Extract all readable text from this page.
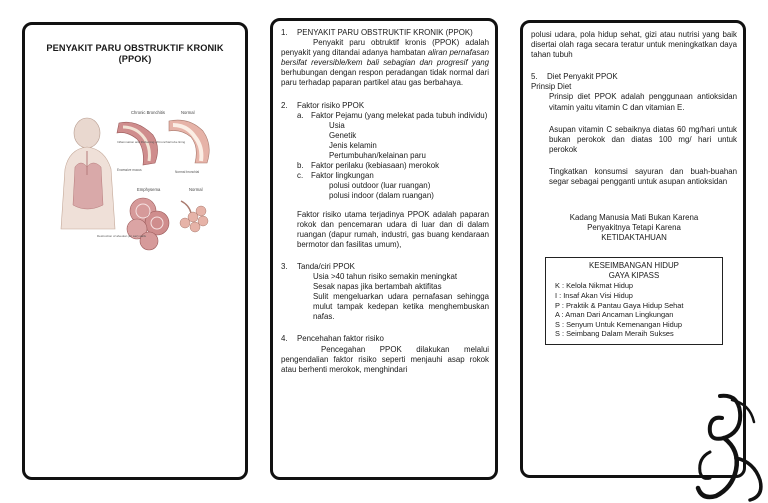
PENYAKIT PARU OBSTRUKTIF KRONIK (PPOK)
Chronic Bronchitis
Inflammation and thickening of bronchial tube lining
Excessive mucus
Normal
Normal bronchial
Emphysema
Destruction of alveolar (air sac) walls
Normal
1. PENYAKIT PARU OBSTRUKTIF KRONIK (PPOK)

Penyakit paru obtruktif kronis (PPOK) adalah penyakit yang ditandai adanya hambatan aliran pernafasan bersifat reversible/kem bali sebagian dan progresif yang berhubungan dengan respon peradangan tidak normal dari paru terhadap paparan partikel atau gas berbahaya.

2. Faktor risiko PPOK
a. Faktor Pejamu (yang melekat pada tubuh individu)
Usia
Genetik
Jenis kelamin
Pertumbuhan/kelainan paru
b. Faktor perilaku (kebiasaan) merokok
c. Faktor lingkungan
polusi outdoor (luar ruangan)
polusi indoor (dalam ruangan)

Faktor risiko utama terjadinya PPOK adalah paparan rokok dan pencemaran udara di luar dan di dalam ruangan (dapur rumah, industri, gas buang kendaraan bermotor dan fasilitas umum),

3. Tanda/ciri PPOK
Usia >40 tahun risiko semakin meningkat
Sesak napas jika bertambah aktifitas
Sulit mengeluarkan udara pernafasan sehingga mulut tampak kedepan ketika menghembuskan nafas.
4. Pencehahan faktor risiko

Pencegahan PPOK dilakukan melalui pengendalian faktor risiko seperti menjauhi asap rokok atau berhenti merokok, menghindari

polusi udara, pola hidup sehat, gizi atau nutrisi yang baik disertai olah raga secara teratur untuk meningkatkan daya tahan tubuh

5. Diet Penyakit PPOK
Prinsip Diet

Prinsip diet PPOK adalah penggunaan antioksidan vitamin yaitu vitamin C dan vitamian E.

Asupan vitamin C sebaiknya diatas 60 mg/hari untuk bukan perokok dan diatas 100 mg/ hari untuk perokok

Tingkatkan konsumsi sayuran dan buah-buahan segar sebagai pengganti untuk asupan antioksidan

Kadang Manusia Mati Bukan Karena
Penyakitnya Tetapi Karena
KETIDAKTAHUAN
KESEIMBANGAN HIDUP
GAYA KIPASS
K : Kelola Nikmat Hidup
I : Insaf Akan Visi Hidup
P : Praktik & Pantau Gaya Hidup Sehat
A : Aman Dari Ancaman Lingkungan
S : Senyum Untuk Kemenangan Hidup
S : Seimbang Dalam Meraih Sukses
